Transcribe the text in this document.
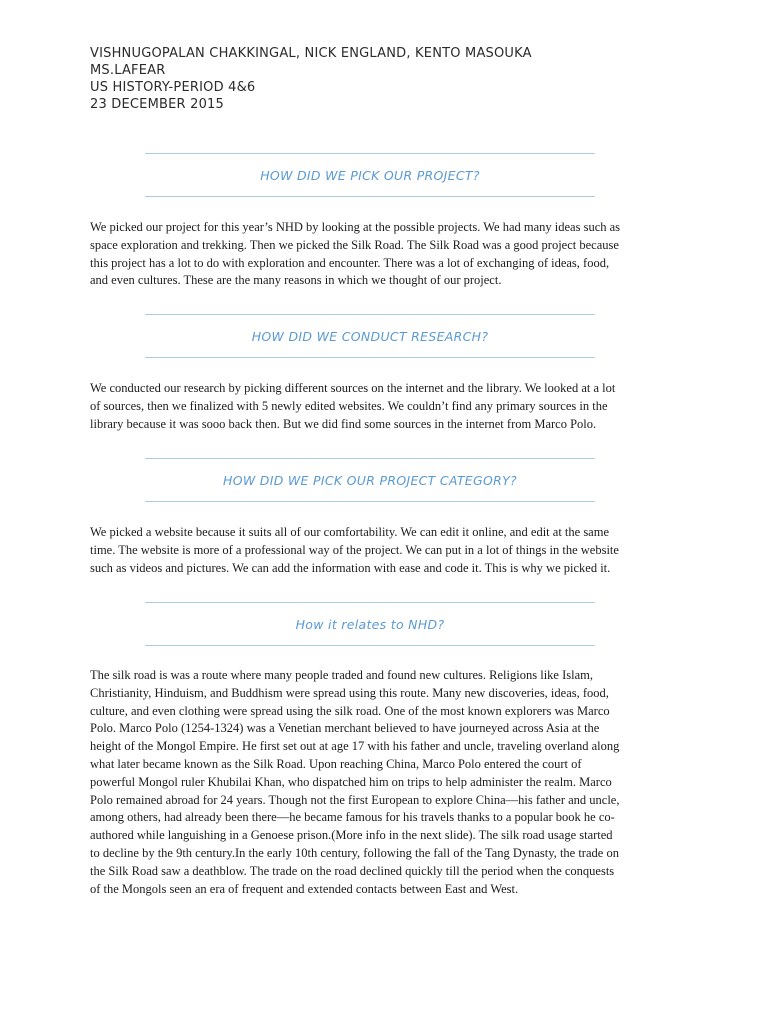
VISHNUGOPALAN CHAKKINGAL, NICK ENGLAND, KENTO MASOUKA
MS.LAFEAR
US HISTORY-PERIOD 4&6
23 DECEMBER 2015
HOW DID WE PICK OUR PROJECT?
We picked our project for this year’s NHD by looking at the possible projects. We had many ideas such as
space exploration and trekking. Then we picked the Silk Road. The Silk Road was a good project because
this project has a lot to do with exploration and encounter. There was a lot of exchanging of ideas, food,
and even cultures. These are the many reasons in which we thought of our project.
HOW DID WE CONDUCT RESEARCH?
We conducted our research by picking different sources on the internet and the library. We looked at a lot
of sources, then we finalized with 5 newly edited websites. We couldn’t find any primary sources in the
library because it was sooo back then. But we did find some sources in the internet from Marco Polo.
HOW DID WE PICK OUR PROJECT CATEGORY?
We picked a website because it suits all of our comfortability. We can edit it online, and edit at the same
time. The website is more of a professional way of the project. We can put in a lot of things in the website
such as videos and pictures. We can add the information with ease and code it. This is why we picked it.
How it relates to NHD?
The silk road is was a route where many people traded and found new cultures. Religions like Islam,
Christianity, Hinduism, and Buddhism were spread using this route. Many new discoveries, ideas, food,
culture, and even clothing were spread using the silk road. One of the most known explorers was Marco
Polo. Marco Polo (1254-1324) was a Venetian merchant believed to have journeyed across Asia at the
height of the Mongol Empire. He first set out at age 17 with his father and uncle, traveling overland along
what later became known as the Silk Road. Upon reaching China, Marco Polo entered the court of
powerful Mongol ruler Khubilai Khan, who dispatched him on trips to help administer the realm. Marco
Polo remained abroad for 24 years. Though not the first European to explore China—his father and uncle,
among others, had already been there—he became famous for his travels thanks to a popular book he co-
authored while languishing in a Genoese prison.(More info in the next slide). The silk road usage started
to decline by the 9th century.In the early 10th century, following the fall of the Tang Dynasty, the trade on
the Silk Road saw a deathblow. The trade on the road declined quickly till the period when the conquests
of the Mongols seen an era of frequent and extended contacts between East and West.
